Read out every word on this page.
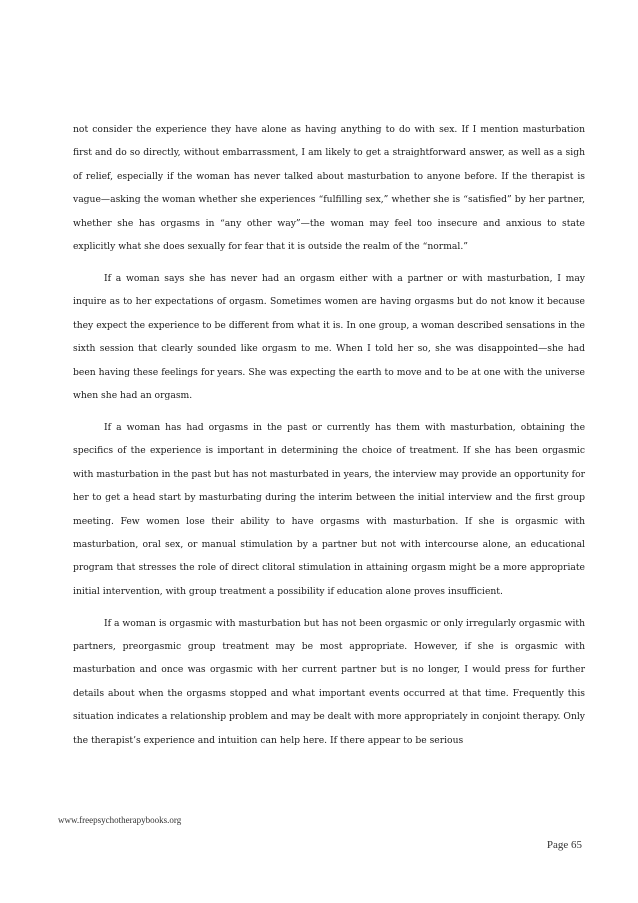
not consider the experience they have alone as having anything to do with sex. If I mention masturbation first and do so directly, without embarrassment, I am likely to get a straightforward answer, as well as a sigh of relief, especially if the woman has never talked about masturbation to anyone before. If the therapist is vague—asking the woman whether she experiences “fulfilling sex,” whether she is “satisfied” by her partner, whether she has orgasms in “any other way”—the woman may feel too insecure and anxious to state explicitly what she does sexually for fear that it is outside the realm of the “normal.”

If a woman says she has never had an orgasm either with a partner or with masturbation, I may inquire as to her expectations of orgasm. Sometimes women are having orgasms but do not know it because they expect the experience to be different from what it is. In one group, a woman described sensations in the sixth session that clearly sounded like orgasm to me. When I told her so, she was disappointed—she had been having these feelings for years. She was expecting the earth to move and to be at one with the universe when she had an orgasm.

If a woman has had orgasms in the past or currently has them with masturbation, obtaining the specifics of the experience is important in determining the choice of treatment. If she has been orgasmic with masturbation in the past but has not masturbated in years, the interview may provide an opportunity for her to get a head start by masturbating during the interim between the initial interview and the first group meeting. Few women lose their ability to have orgasms with masturbation. If she is orgasmic with masturbation, oral sex, or manual stimulation by a partner but not with intercourse alone, an educational program that stresses the role of direct clitoral stimulation in attaining orgasm might be a more appropriate initial intervention, with group treatment a possibility if education alone proves insufficient.

If a woman is orgasmic with masturbation but has not been orgasmic or only irregularly orgasmic with partners, preorgasmic group treatment may be most appropriate. However, if she is orgasmic with masturbation and once was orgasmic with her current partner but is no longer, I would press for further details about when the orgasms stopped and what important events occurred at that time. Frequently this situation indicates a relationship problem and may be dealt with more appropriately in conjoint therapy. Only the therapist’s experience and intuition can help here. If there appear to be serious

www.freepsychotherapybooks.org
Page 65
